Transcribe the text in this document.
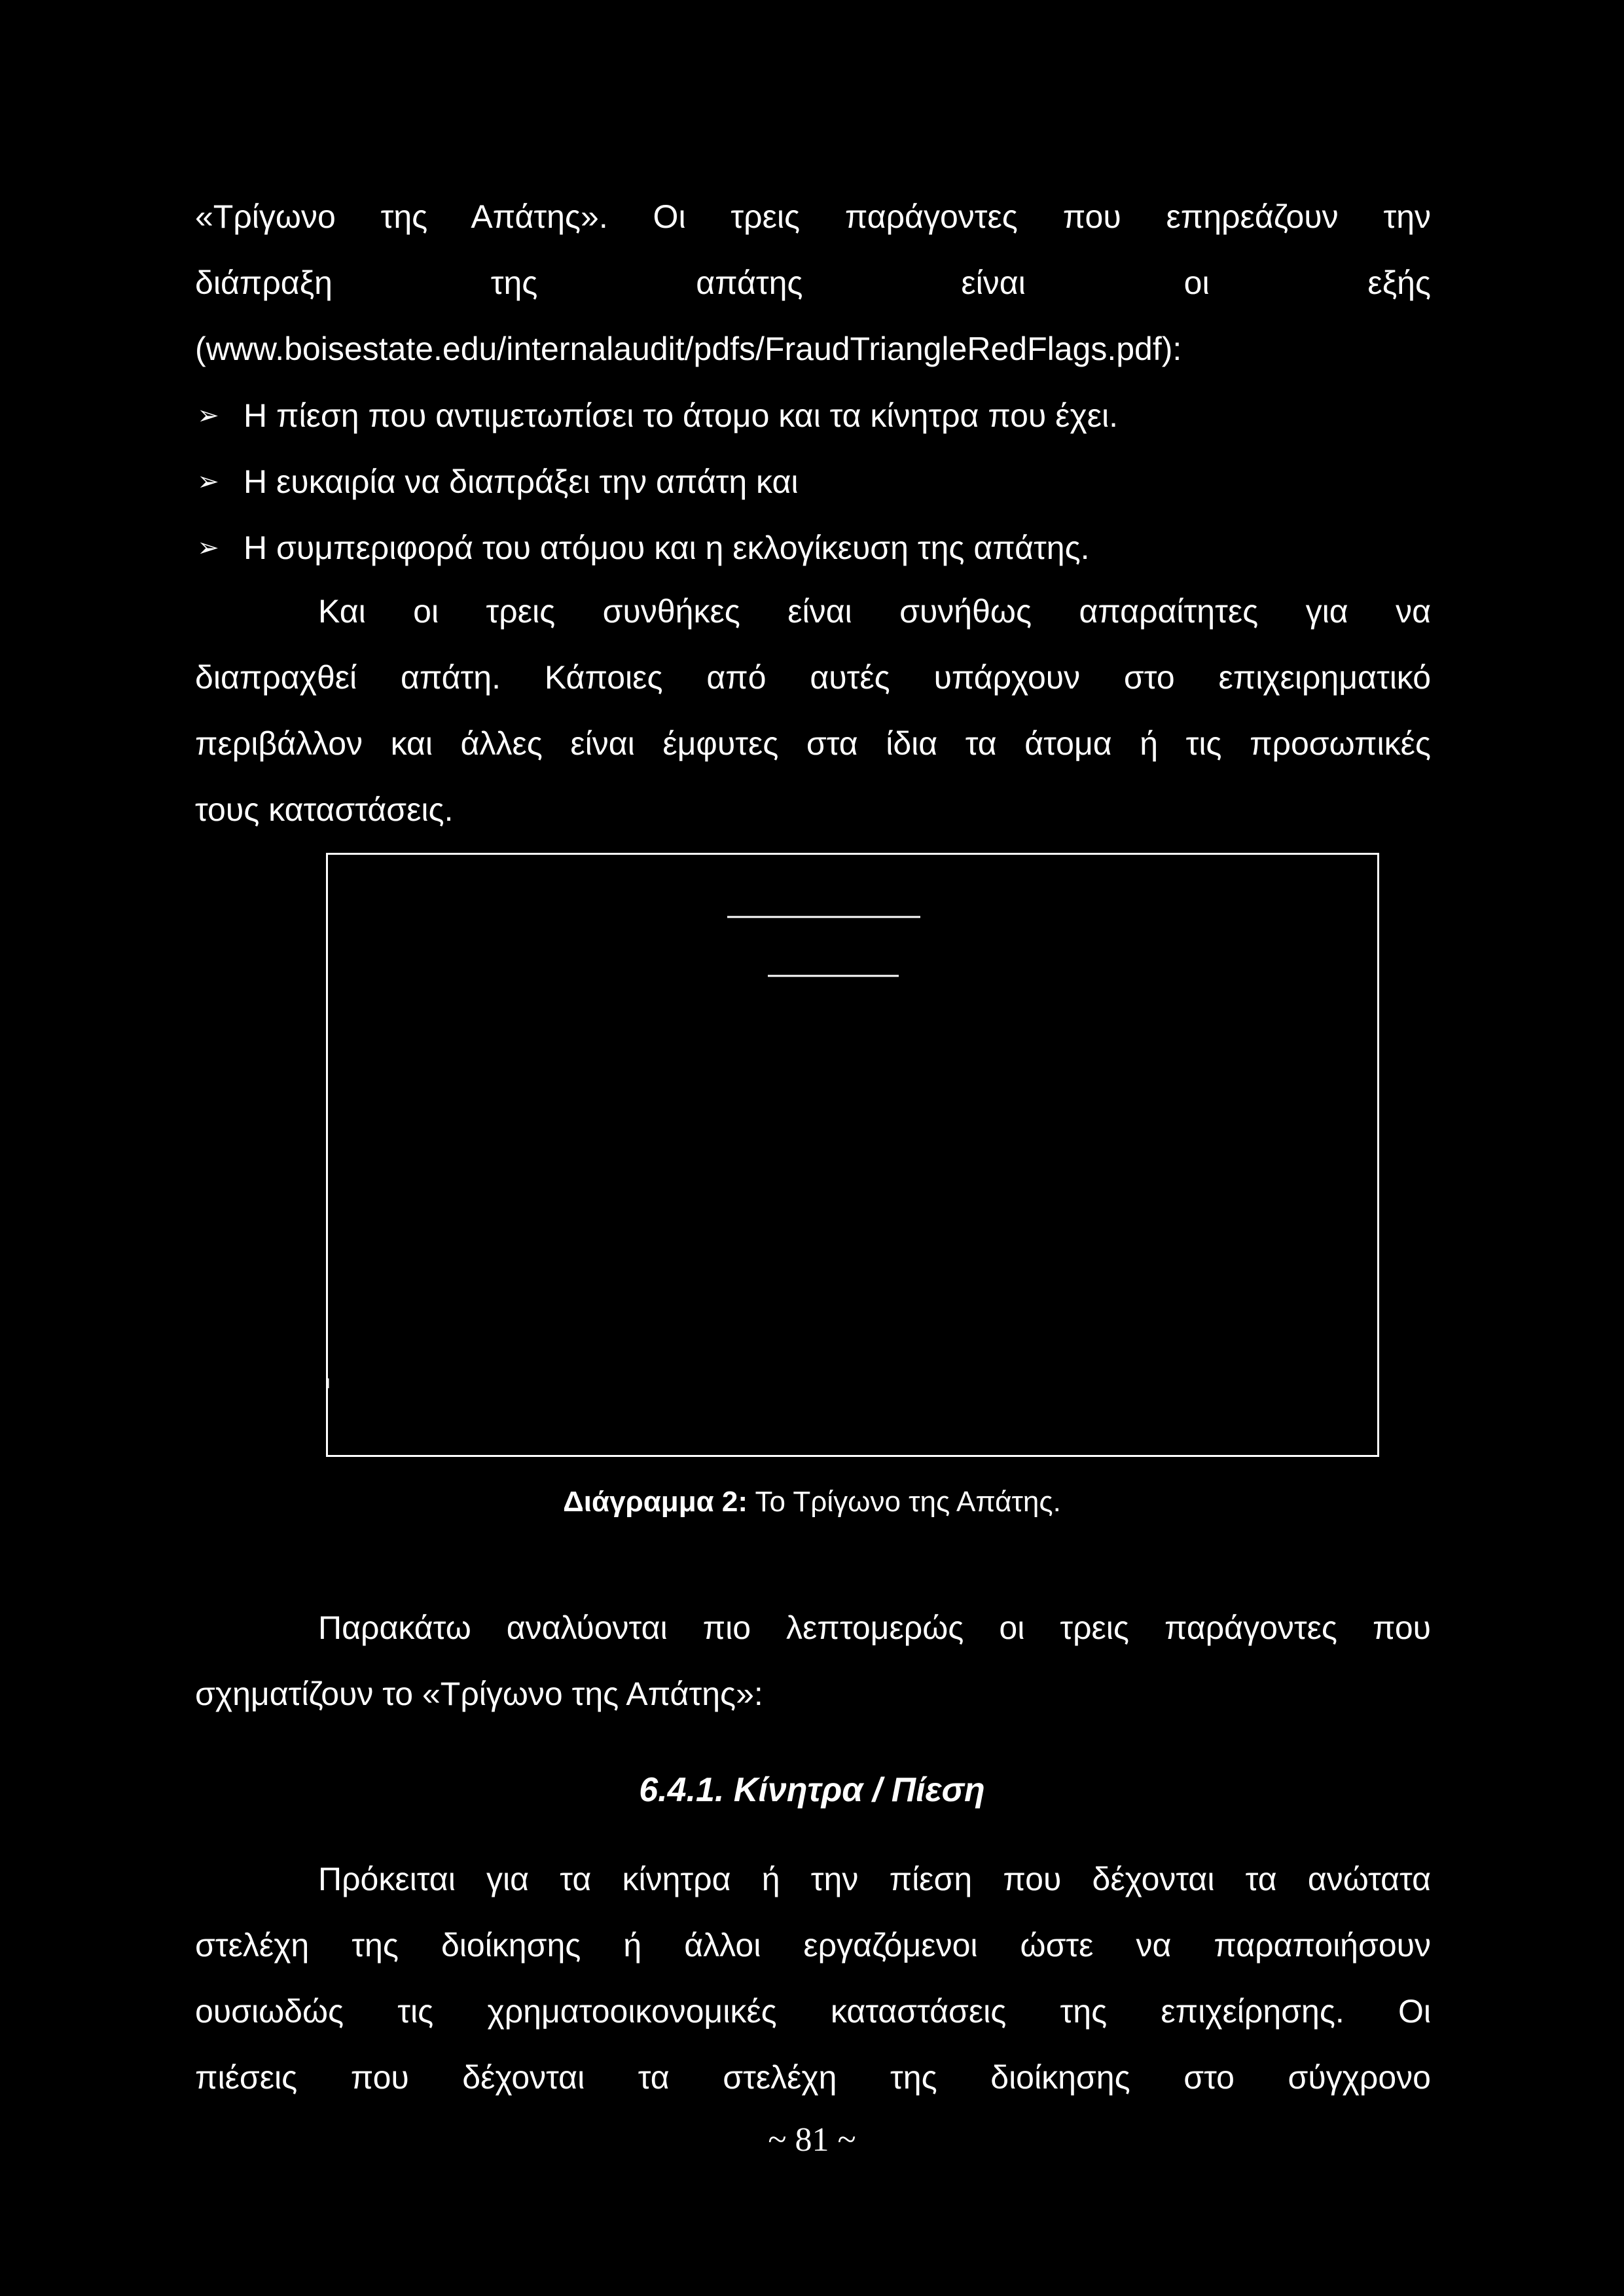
«Τρίγωνο της Απάτης». Οι τρεις παράγοντες που επηρεάζουν την
διάπραξη της απάτης είναι οι εξής
(www.boisestate.edu/internalaudit/pdfs/FraudTriangleRedFlags.pdf):
➢ Η πίεση που αντιμετωπίσει το άτομο και τα κίνητρα που έχει.
➢ Η ευκαιρία να διαπράξει την απάτη και
➢ Η συμπεριφορά του ατόμου και η εκλογίκευση της απάτης.
Και οι τρεις συνθήκες είναι συνήθως απαραίτητες για να
διαπραχθεί απάτη. Κάποιες από αυτές υπάρχουν στο επιχειρηματικό
περιβάλλον και άλλες είναι έμφυτες στα ίδια τα άτομα ή τις προσωπικές
τους καταστάσεις.
Διάγραμμα 2: Το Τρίγωνο της Απάτης.
Παρακάτω αναλύονται πιο λεπτομερώς οι τρεις παράγοντες που
σχηματίζουν το «Τρίγωνο της Απάτης»:
6.4.1. Κίνητρα / Πίεση
Πρόκειται για τα κίνητρα ή την πίεση που δέχονται τα ανώτατα
στελέχη της διοίκησης ή άλλοι εργαζόμενοι ώστε να παραποιήσουν
ουσιωδώς τις χρηματοοικονομικές καταστάσεις της επιχείρησης. Οι
πιέσεις που δέχονται τα στελέχη της διοίκησης στο σύγχρονο
~ 81 ~
